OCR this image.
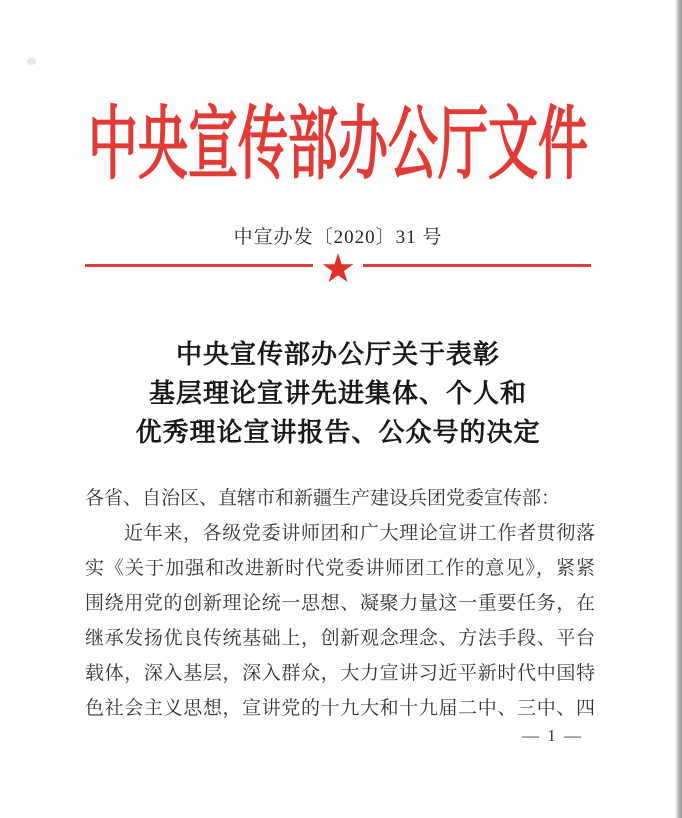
中央宣传部办公厅文件
中宣办发〔2020〕31 号
★
中央宣传部办公厅关于表彰
基层理论宣讲先进集体、个人和
优秀理论宣讲报告、公众号的决定
各省、自治区、直辖市和新疆生产建设兵团党委宣传部：
近年来，各级党委讲师团和广大理论宣讲工作者贯彻落
实《关于加强和改进新时代党委讲师团工作的意见》，紧紧
围绕用党的创新理论统一思想、凝聚力量这一重要任务，在
继承发扬优良传统基础上，创新观念理念、方法手段、平台
载体，深入基层，深入群众，大力宣讲习近平新时代中国特
色社会主义思想，宣讲党的十九大和十九届二中、三中、四
— 1 —
